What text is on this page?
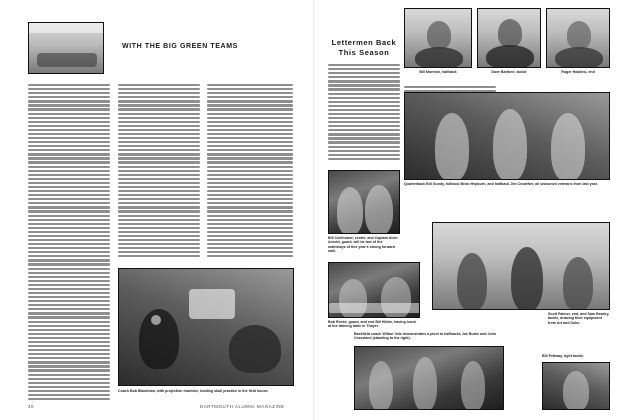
WITH THE BIG GREEN TEAMS
Coach Bob Blackman, with projection machine, holding skull practice in the field house.
40	DARTMOUTH ALUMNI MAGAZINE
Lettermen Back This Season
Bill Moreton, halfback	Dave Barbieri, tackle	Roger Haskins, end
Bill Colehower, center, and Captain Alvin Arnold, guard, will be two of the mainstays of this year's strong forward wall.
Quarterback Bill Gundy, fullback Brian Hepburn, and halfback Jim Crowther, all seasoned veterans from last year.
Bob Reese, guard, and end Bill Hildre, having lunch at the training table in Thayer.
Scott Palmer, end, and Sam Bewley, tackle, drawing their equipment from Art and Duke.
Backfield coach Wilbur Volz demonstrates a pivot to halfbacks Joe Burke and John Crossland (standing to the right).
Bill Pettway, right tackle.
